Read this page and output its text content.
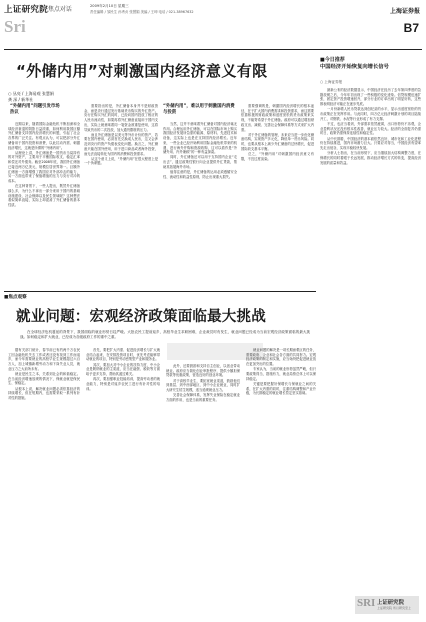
上证研究院
· 焦点对话	2009年2月10日 星期三
责任编辑 / 邹民生 孙秀贞 张慧娟 美编 / 王坤 电话 / 021-38967632
Sri
上海证券报
B7
“外储内用”对刺激国内经济意义有限
○ 丛亮 / 上海易观 张慧娟
龚 深 / 新华社
“外储内用”问题引发市场热议
“外储内用”，难以用于刺激国内消费与投资

近期以来，随着国际金融危机不断加深和全球经济衰退的阴影日益浓重，如何利用我国巨额外汇储备支持国内经济增长的问题，引起了社会各界的广泛关注。有观点认为，可以把部分外汇储备用于国内投资和消费，以此拉动内需、刺激经济增长，这就是所谓的“外储内用”。

从理论上讲，外汇储备是一国货币当局持有的对外资产，主要用于平衡国际收支、稳定汇率和偿还对外债务。截至2008年底，我国外汇储备已接近两万亿美元，规模位居世界第一。巨额外汇储备一方面增强了我国应对外部冲击的能力，另一方面也带来了保值增值的压力与央行对冲的成本。

在这种背景下，一些人提出，既然外汇储备那么多，为什么不拿出一部分来用于国内的基础设施建设、社会保障以及民生领域呢？这种想法看似简单直接，实际上却混淆了外汇储备的基本性质。

需要指出的是，外汇储备本身并不是财政资金，而是央行通过发行基础货币购买的外汇资产。央行在购买外汇的同时，已经向国内投放了相应的人民币流动性，如果再将外汇储备直接用于国内支出，实际上就意味着同一笔资金被重复使用，这将导致货币的二次投放，加大通货膨胀的压力。

而且外汇储备是以美元等外币计价的资产，若要在国内使用，必须首先兑换成人民币，这又会涉及到央行的资产负债表变化问题。换言之，外汇储备只能在国外使用，用于进口商品或者海外投资，而无法直接转化为国内的消费和投资需求。

从这个意义上说，“外储内用”在很大程度上是一个伪命题。

当然，这并不意味着外汇储备对国内经济毫无作用。合理运用外汇储备，可以在国际市场上购买我国经济发展所急需的能源、原材料、先进技术和设备，这实际上也是在支持国内经济增长。近年来，一些企业已经开始利用国际金融危机带来的机遇，进行海外并购和资源收购，这可以看作是“外储外用、内外兼顾”的一种有益探索。

同时，外汇储备还可以用于支持国内企业“走出去”，通过政策性银行向企业提供外汇贷款，帮助其拓展海外市场。

值得注意的是，外汇储备的运用必须遵循安全性、流动性和收益性原则，防止出现重大损失。

需要强调的是，刺激国内经济增长的根本途径，在于扩大国内消费需求和投资需求，而这需要依靠积极的财政政策和适度宽松的货币政策来实现，不能寄希望于外汇储备。政府可以通过增加财政支出、减税、完善社会保障体系等方式来扩大内需。

对于外汇储备的管理，未来应当进一步优化储备结构，实现资产多元化，降低单一货币风险。同时，也要从根本上减少外汇储备的过快增长，促进国际收支基本平衡。

总之，“外储内用”对刺激国内经济意义有限，不宜过度渲染。

■今日推荐
中国经济开始恢复向增长信号
○ 上海证券报

最新公布的经济数据显示，中国经济在经历了去年第四季度的急剧放缓之后，今年年初出现了一些积极的变化迹象。信贷规模迅速扩张，固定资产投资增速回升，部分行业的订单出现了明显好转，这些都表明经济可能正在逐步见底。

一月份新增人民币贷款达到创纪录的水平，显示出适度宽松的货币政策正在发挥作用。与此同时，四万亿元经济刺激计划的项目陆续开工，对钢铁、水泥等行业形成了有力支撑。

不过，也应当看到，外部需求依然疲弱，出口形势仍不乐观，企业盈利状况还没有根本性改善，就业压力较大。经济的全面复苏仍需时日，政策仍需保持连续性和稳定性。

从中长期看，中国经济的基本面依然良好，城市化和工业化进程仍在持续推进，国内市场潜力巨大。只要应对得当，中国经济有望率先走出低谷，实现平稳较快发展。

分析人士指出，在当前形势下，应当继续加大结构调整力度，在保增长的同时着眼于长远发展，推动经济增长方式的转变，提高经济发展的质量和效益。

■焦点观察
就业问题：宏观经济政策面临最大挑战
在全球经济危机蔓延的背景下，我国面临的就业形势日趋严峻。大批农民工提前返乡，高校毕业生求职困难，企业裁员时有发生，就业问题已经成为当前宏观经济政策面临的最大挑战。如何稳定和扩大就业，已经成为各级政府工作的重中之重。

据有关部门统计，春节前已有约两千万农民工因金融危机失去工作或者还没有找到工作而返乡，而今年需要就业的高校毕业生规模超过六百万人，加上城镇新增劳动力和下岗失业人员，就业压力之大前所未有。

就业是民生之本，关系到社会的和谐稳定。在当前经济增速放缓的情况下，保就业就是保民生、保稳定。

从根本上说，解决就业问题必须依靠经济的持续增长，但在短期内，也需要采取一系列有针对性的措施。

首先，要把扩大内需、促进经济增长与扩大就业结合起来，在安排投资项目时，优先考虑能够带动就业的项目，特别是劳动密集型产业和服务业。

其次，要加大对中小企业的扶持力度，中小企业是吸纳就业的主渠道，应当在融资、税收等方面给予更多支持，帮助其渡过难关。

再次，要加强职业技能培训，提高劳动者的就业能力，特别是对返乡农民工进行有针对性的培训。

此外，还要鼓励和支持自主创业，以创业带动就业。政府应当简化创业审批程序，提供小额担保贷款等优惠政策，营造良好的创业环境。

对于高校毕业生，要拓宽就业渠道，鼓励他们到基层、到中西部地区、到中小企业就业，同时扩大研究生招生规模，适当延缓就业压力。

完善社会保障体系，发挥失业保险在稳定就业方面的作用，也是当前的重要任务。

就业问题的解决是一项长期而艰巨的任务，需要政府、企业和社会各方面的共同努力。宏观经济政策的制定和实施，应当始终把促进就业放在更加突出的位置。

专家认为，当前的就业形势虽然严峻，但只要政策得当，措施有力，就业局势总体上可以保持稳定。

关键是要把握好保增长与保就业之间的关系，在扩大内需的同时，注重结构调整和产业升级，为长期稳定的就业增长奠定坚实基础。

SRI 上证研究院
上证研究院 所以研究至上
